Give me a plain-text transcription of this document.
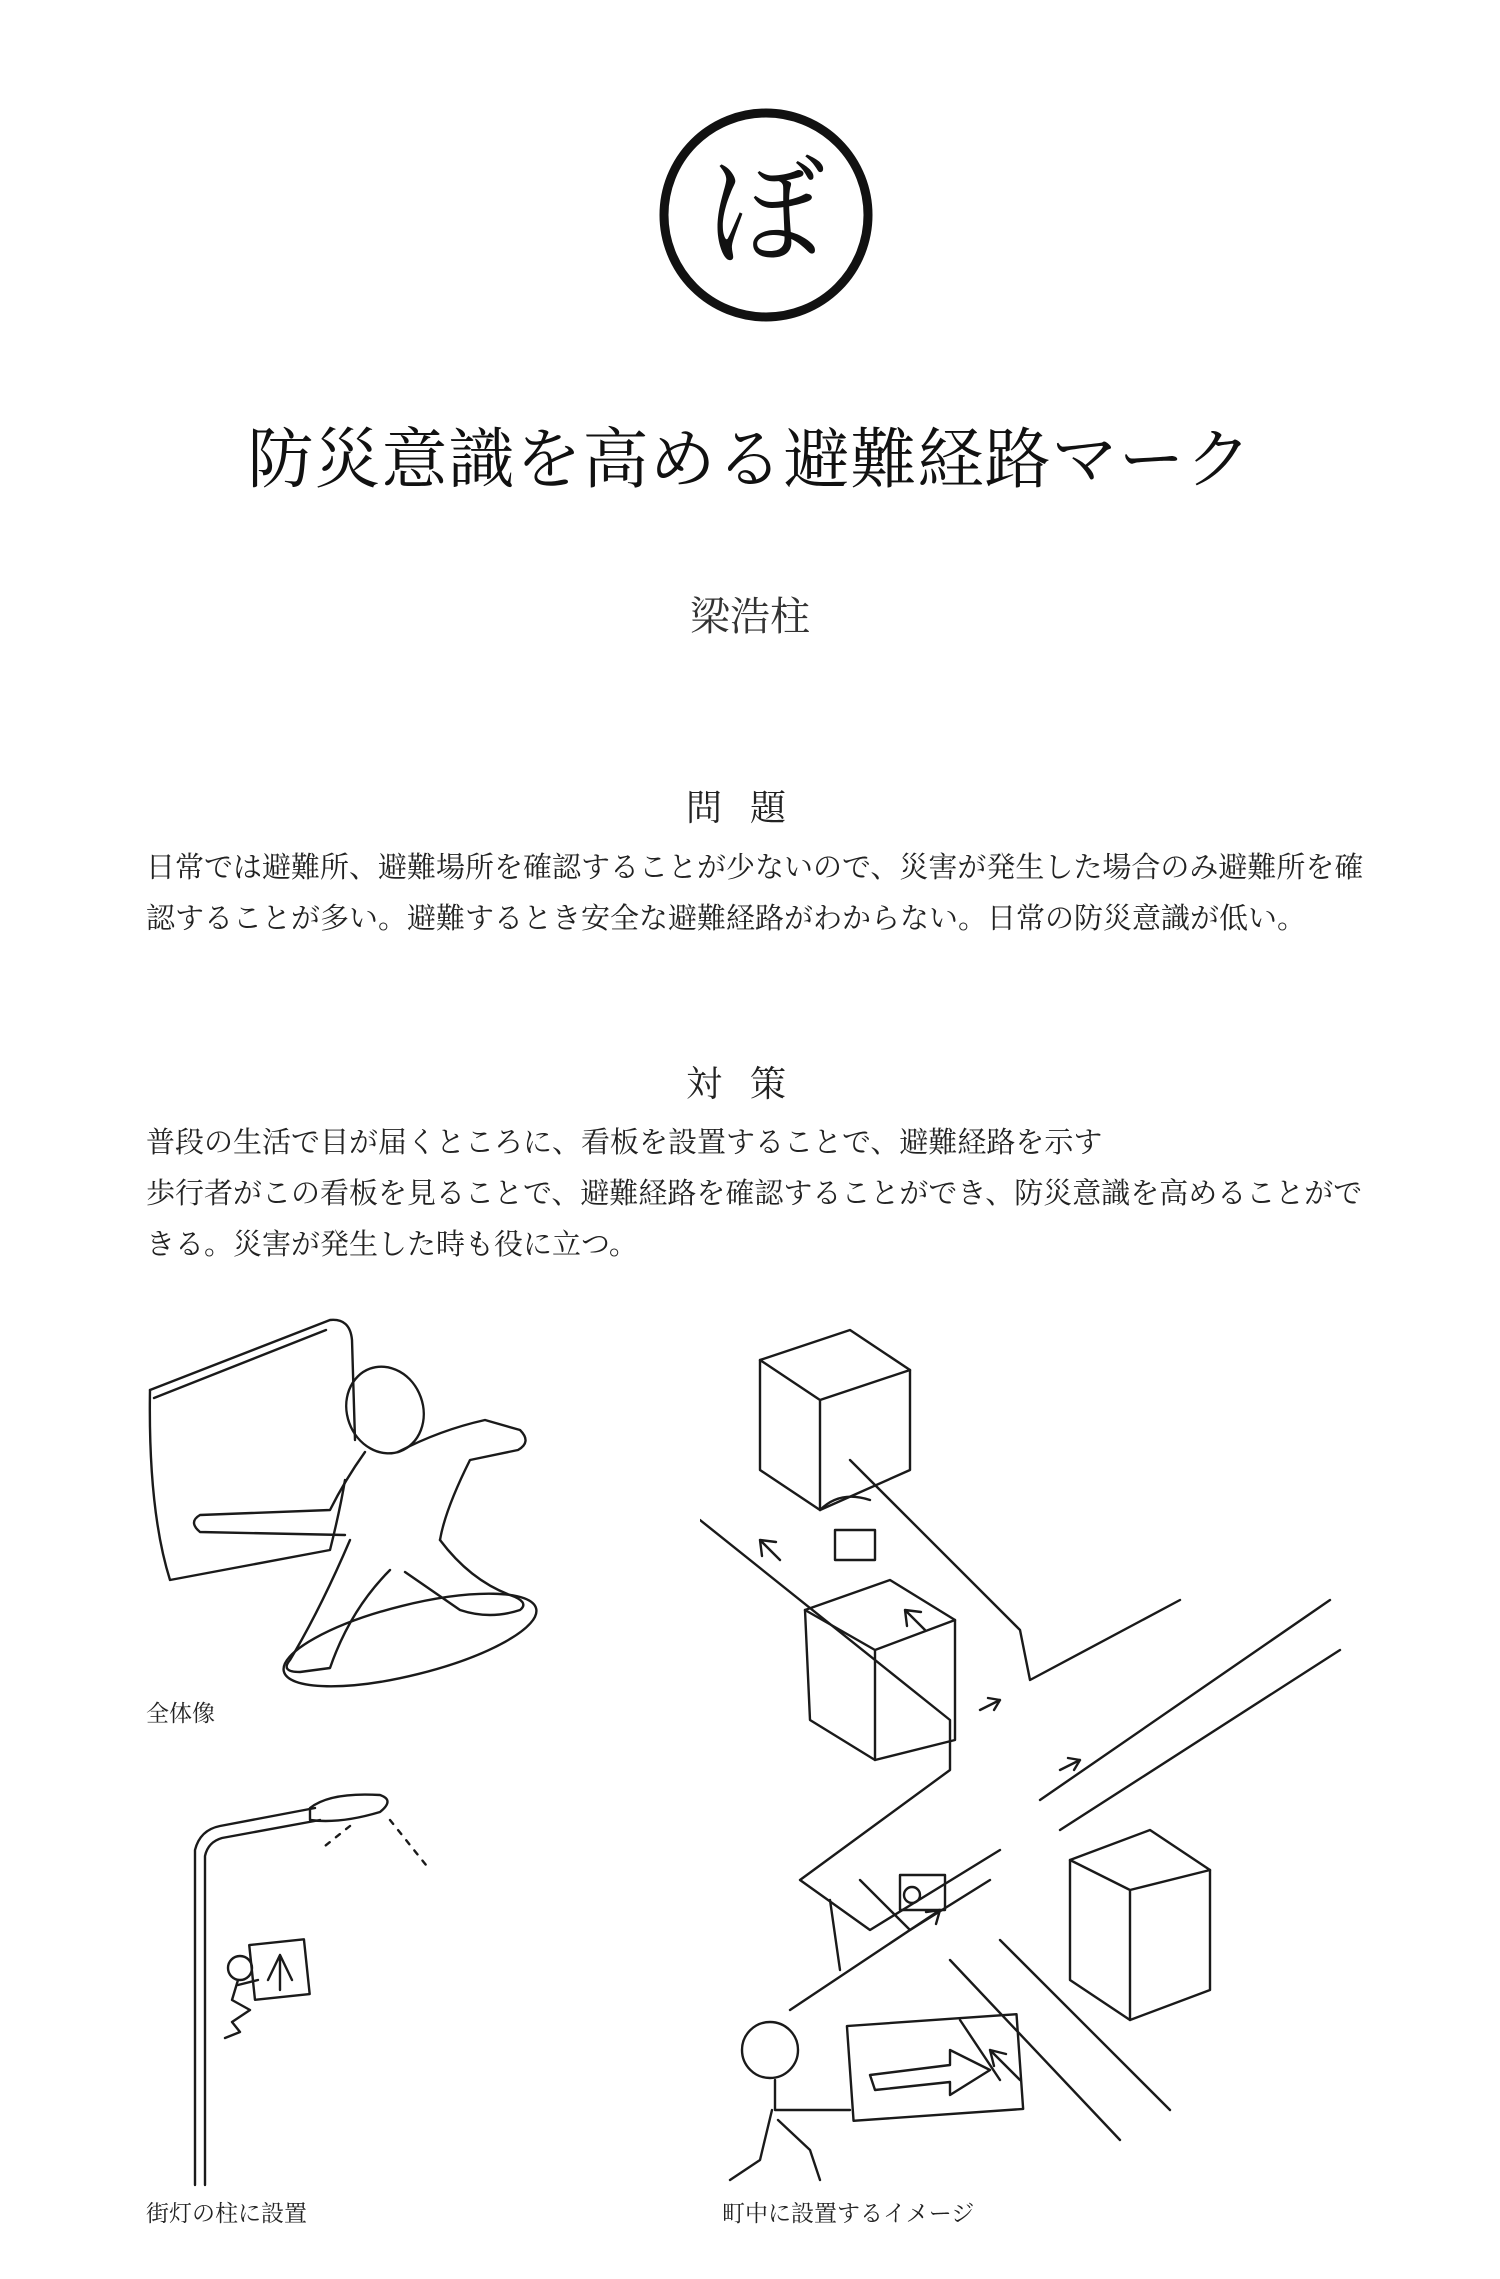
ぼ
防災意識を高める避難経路マーク
梁浩柱
問題

日常では避難所、避難場所を確認することが少ないので、災害が発生した場合のみ避難所を確認することが多い。避難するとき安全な避難経路がわからない。日常の防災意識が低い。

対策

普段の生活で目が届くところに、看板を設置することで、避難経路を示す

歩行者がこの看板を見ることで、避難経路を確認することができ、防災意識を高めることができる。災害が発生した時も役に立つ。

全体像
街灯の柱に設置	町中に設置するイメージ
